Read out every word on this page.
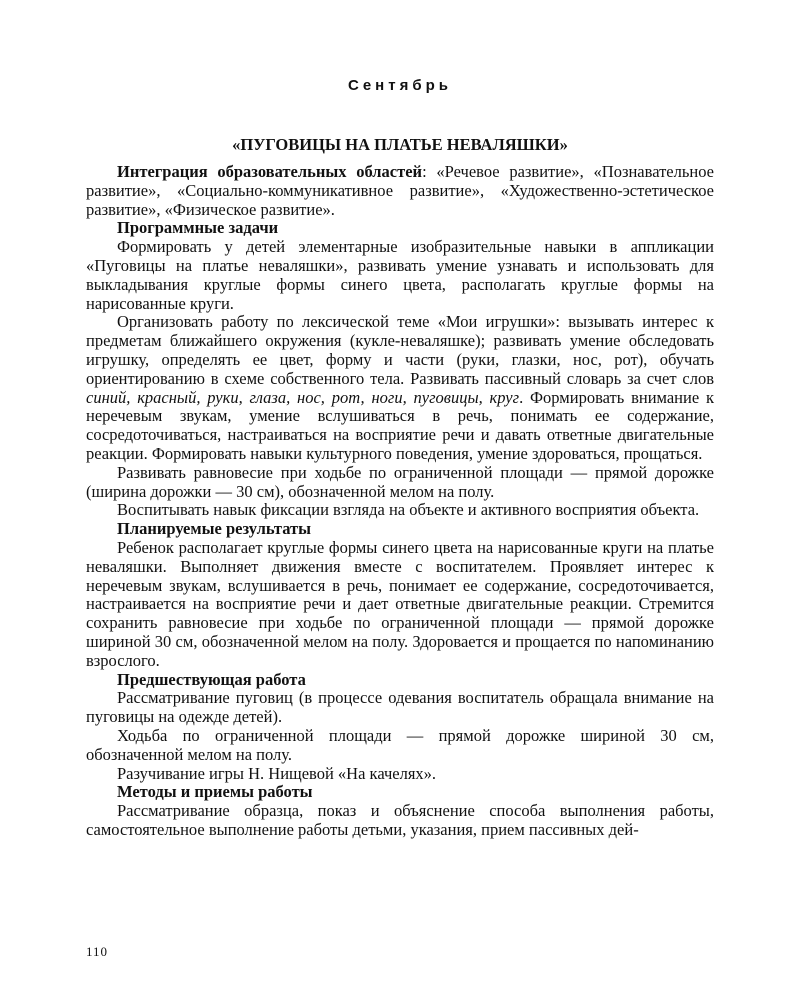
Сентябрь
«ПУГОВИЦЫ НА ПЛАТЬЕ НЕВАЛЯШКИ»

Интеграция образовательных областей: «Речевое развитие», «Познавательное развитие», «Социально-коммуникативное развитие», «Художественно-эстетическое развитие», «Физическое развитие».

Программные задачи

Формировать у детей элементарные изобразительные навыки в аппликации «Пуговицы на платье неваляшки», развивать умение узнавать и использовать для выкладывания круглые формы синего цвета, располагать круглые формы на нарисованные круги.

Организовать работу по лексической теме «Мои игрушки»: вызывать интерес к предметам ближайшего окружения (кукле-неваляшке); развивать умение обследовать игрушку, определять ее цвет, форму и части (руки, глазки, нос, рот), обучать ориентированию в схеме собственного тела. Развивать пассивный словарь за счет слов синий, красный, руки, глаза, нос, рот, ноги, пуговицы, круг. Формировать внимание к неречевым звукам, умение вслушиваться в речь, понимать ее содержание, сосредоточиваться, настраиваться на восприятие речи и давать ответные двигательные реакции. Формировать навыки культурного поведения, умение здороваться, прощаться.

Развивать равновесие при ходьбе по ограниченной площади — прямой дорожке (ширина дорожки — 30 см), обозначенной мелом на полу.

Воспитывать навык фиксации взгляда на объекте и активного восприятия объекта.

Планируемые результаты

Ребенок располагает круглые формы синего цвета на нарисованные круги на платье неваляшки. Выполняет движения вместе с воспитателем. Проявляет интерес к неречевым звукам, вслушивается в речь, понимает ее содержание, сосредоточивается, настраивается на восприятие речи и дает ответные двигательные реакции. Стремится сохранить равновесие при ходьбе по ограниченной площади — прямой дорожке шириной 30 см, обозначенной мелом на полу. Здоровается и прощается по напоминанию взрослого.

Предшествующая работа

Рассматривание пуговиц (в процессе одевания воспитатель обращала внимание на пуговицы на одежде детей).

Ходьба по ограниченной площади — прямой дорожке шириной 30 см, обозначенной мелом на полу.

Разучивание игры Н. Нищевой «На качелях».

Методы и приемы работы

Рассматривание образца, показ и объяснение способа выполнения работы, самостоятельное выполнение работы детьми, указания, прием пассивных дей-

110
